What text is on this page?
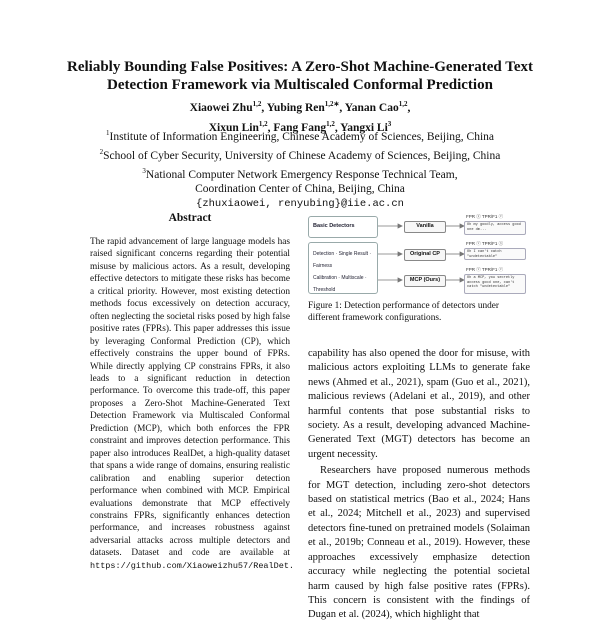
Reliably Bounding False Positives: A Zero-Shot Machine-Generated Text
Detection Framework via Multiscaled Conformal Prediction
Xiaowei Zhu$^{1,2}$, Yubing Ren$^{1,2∗}$, Yanan Cao$^{1,2}$,
Xixun Lin$^{1,2}$, Fang Fang$^{1,2}$, Yangxi Li$^3$
$^1$Institute of Information Engineering, Chinese Academy of Sciences, Beijing, China
$^2$School of Cyber Security, University of Chinese Academy of Sciences, Beijing, China
$^3$National Computer Network Emergency Response Technical Team,
Coordination Center of China, Beijing, China
{zhuxiaowei, renyubing}@iie.ac.cn
Abstract
The rapid advancement of large language models has raised significant concerns regarding their potential misuse by malicious actors. As a result, developing effective detectors to mitigate these risks has become a critical priority. However, most existing detection methods focus excessively on detection accuracy, often neglecting the societal risks posed by high false positive rates (FPRs). This paper addresses this issue by leveraging Conformal Prediction (CP), which effectively constrains the upper bound of FPRs. While directly applying CP constrains FPRs, it also leads to a significant reduction in detection performance. To overcome this trade-off, this paper proposes a Zero-Shot Machine-Generated Text Detection Framework via Multiscaled Conformal Prediction (MCP), which both enforces the FPR constraint and improves detection performance. This paper also introduces RealDet, a high-quality dataset that spans a wide range of domains, ensuring realistic calibration and enabling superior detection performance when combined with MCP. Empirical evaluations demonstrate that MCP effectively constrains FPRs, significantly enhances detection performance, and increases robustness against adversarial attacks across multiple detectors and datasets. Dataset and code are available at https://github.com/Xiaoweizhu57/RealDet.
Basic Detectors
Detection · Single Result · Fairness
Calibration · Multiscale · Threshold
Vanilla
Original CP
MCP (Ours)
FPR ⓧ TPR/F1 ⓥ
Oh my goodly, access good one dm...
FPR ⓥ TPR/F1 ⓧ
Oh I can't catch "undetectable"
FPR ⓥ TPR/F1 ⓥ
Oh a MCP, you secretly access good one, can't catch "undetectable"
Figure 1: Detection performance of detectors under different framework configurations.

capability has also opened the door for misuse, with malicious actors exploiting LLMs to generate fake news (Ahmed et al., 2021), spam (Guo et al., 2021), malicious reviews (Adelani et al., 2019), and other harmful contents that pose substantial risks to society. As a result, developing advanced Machine-Generated Text (MGT) detectors has become an urgent necessity.

Researchers have proposed numerous methods for MGT detection, including zero-shot detectors based on statistical metrics (Bao et al., 2024; Hans et al., 2024; Mitchell et al., 2023) and supervised detectors fine-tuned on pretrained models (Solaiman et al., 2019b; Conneau et al., 2019). However, these approaches excessively emphasize detection accuracy while neglecting the potential societal harm caused by high false positive rates (FPRs). This concern is consistent with the findings of Dugan et al. (2024), which highlight that
